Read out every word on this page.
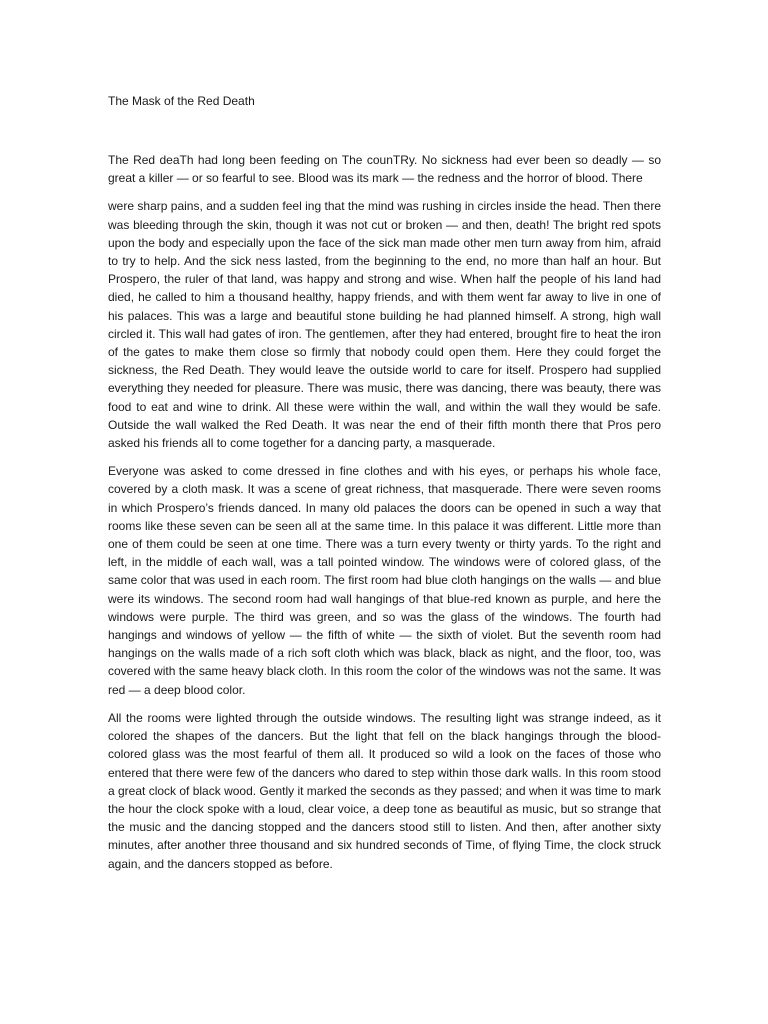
The Mask of the Red Death

The Red deaTh had long been feeding on The counTRy. No sickness had ever been so deadly — so great a killer — or so fearful to see. Blood was its mark — the redness and the horror of blood. There

were sharp pains, and a sudden feel ing that the mind was rushing in circles inside the head. Then there was bleeding through the skin, though it was not cut or broken — and then, death! The bright red spots upon the body and especially upon the face of the sick man made other men turn away from him, afraid to try to help. And the sick ness lasted, from the beginning to the end, no more than half an hour. But Prospero, the ruler of that land, was happy and strong and wise. When half the people of his land had died, he called to him a thousand healthy, happy friends, and with them went far away to live in one of his palaces. This was a large and beautiful stone building he had planned himself. A strong, high wall circled it. This wall had gates of iron. The gentlemen, after they had entered, brought fire to heat the iron of the gates to make them close so firmly that nobody could open them. Here they could forget the sickness, the Red Death. They would leave the outside world to care for itself. Prospero had supplied everything they needed for pleasure. There was music, there was dancing, there was beauty, there was food to eat and wine to drink. All these were within the wall, and within the wall they would be safe. Outside the wall walked the Red Death. It was near the end of their fifth month there that Pros pero asked his friends all to come together for a dancing party, a masquerade.

Everyone was asked to come dressed in fine clothes and with his eyes, or perhaps his whole face, covered by a cloth mask. It was a scene of great richness, that masquerade. There were seven rooms in which Prospero’s friends danced. In many old palaces the doors can be opened in such a way that rooms like these seven can be seen all at the same time. In this palace it was different. Little more than one of them could be seen at one time. There was a turn every twenty or thirty yards. To the right and left, in the middle of each wall, was a tall pointed window. The windows were of colored glass, of the same color that was used in each room. The first room had blue cloth hangings on the walls — and blue were its windows. The second room had wall hangings of that blue-red known as purple, and here the windows were purple. The third was green, and so was the glass of the windows. The fourth had hangings and windows of yellow — the fifth of white — the sixth of violet. But the seventh room had hangings on the walls made of a rich soft cloth which was black, black as night, and the floor, too, was covered with the same heavy black cloth. In this room the color of the windows was not the same. It was red — a deep blood color.

All the rooms were lighted through the outside windows. The resulting light was strange indeed, as it colored the shapes of the dancers. But the light that fell on the black hangings through the blood-colored glass was the most fearful of them all. It produced so wild a look on the faces of those who entered that there were few of the dancers who dared to step within those dark walls. In this room stood a great clock of black wood. Gently it marked the seconds as they passed; and when it was time to mark the hour the clock spoke with a loud, clear voice, a deep tone as beautiful as music, but so strange that the music and the dancing stopped and the dancers stood still to listen. And then, after another sixty minutes, after another three thousand and six hundred seconds of Time, of flying Time, the clock struck again, and the dancers stopped as before.
